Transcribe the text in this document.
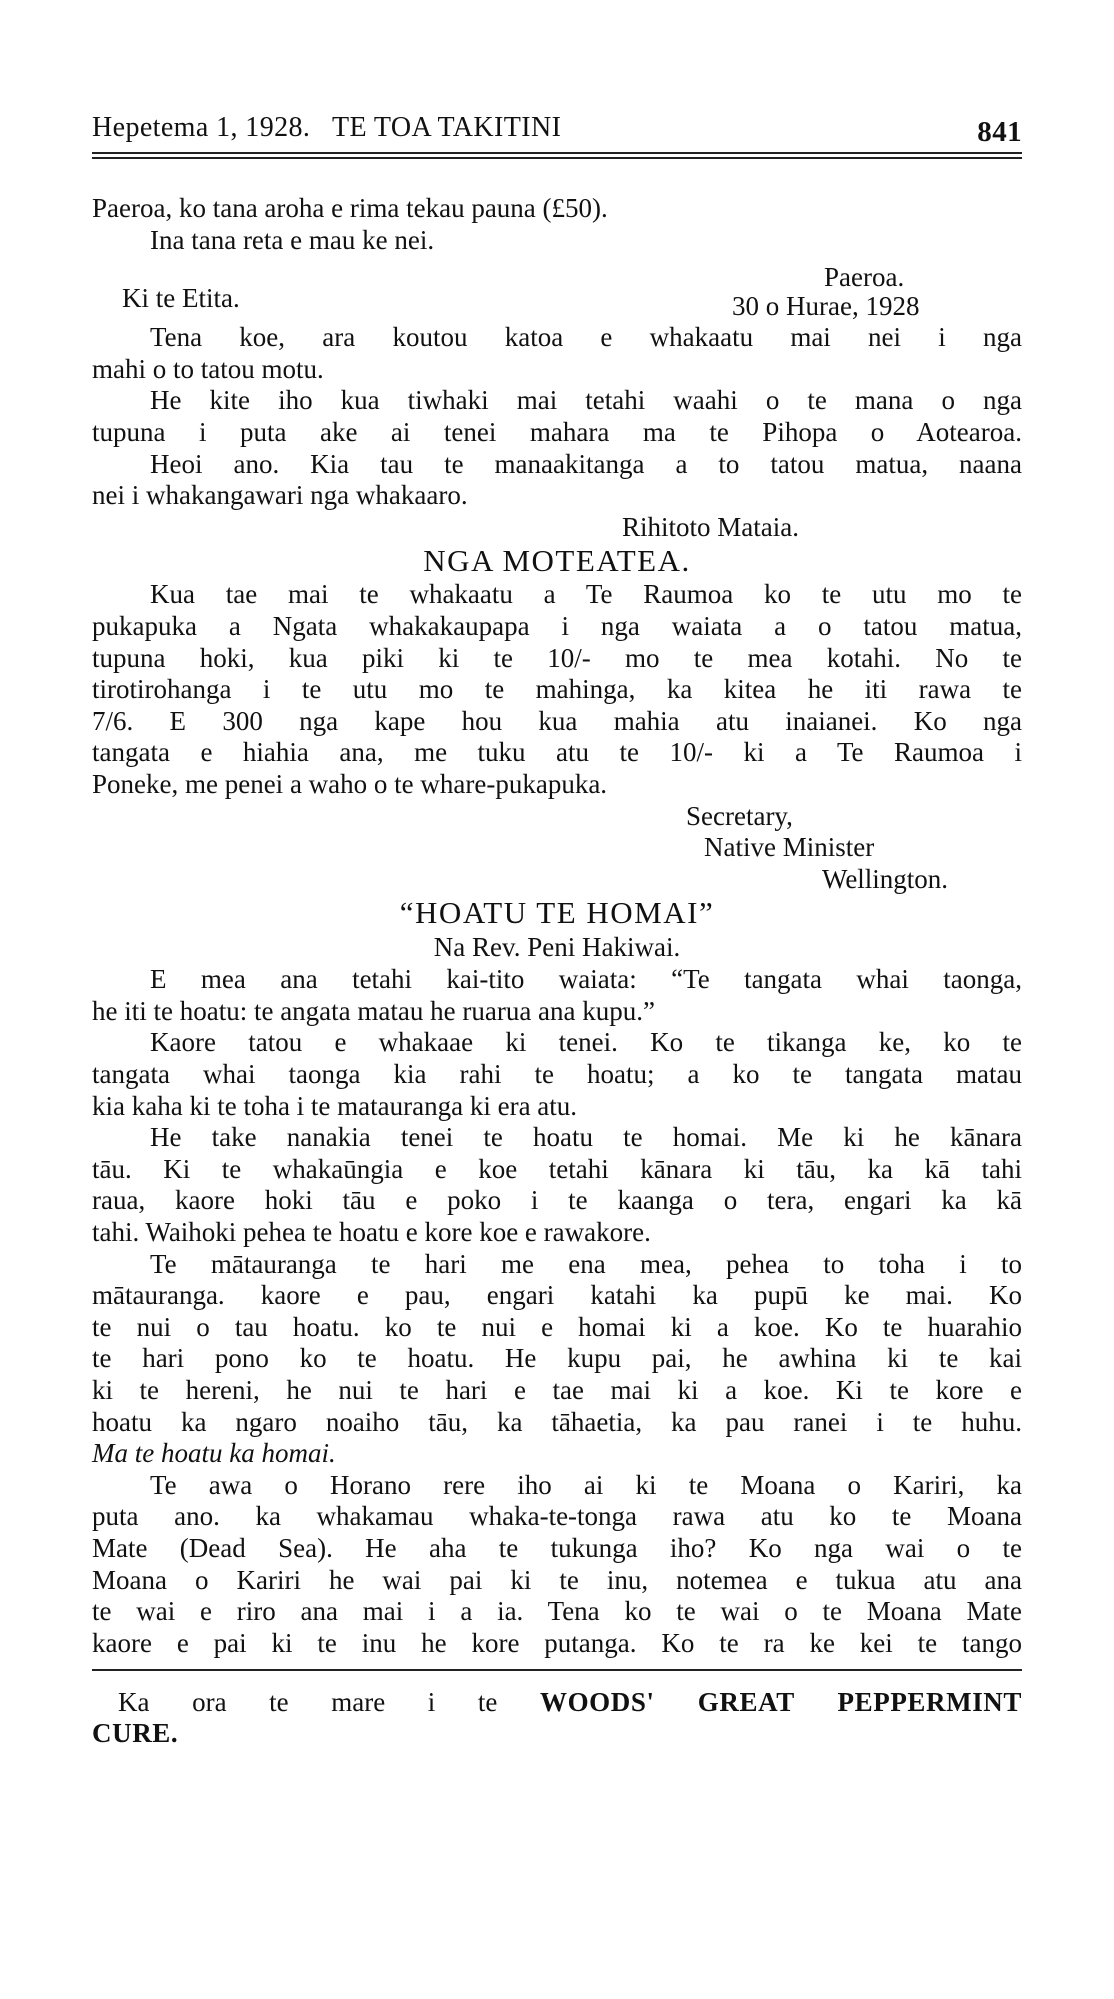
Hepetema 1, 1928. TE TOA TAKITINI	841
Paeroa, ko tana aroha e rima tekau pauna (£50).
Ina tana reta e mau ke nei.
Paeroa.
Ki te Etita.	30 o Hurae, 1928
Tena koe, ara koutou katoa e whakaatu mai nei i nga
mahi o to tatou motu.
He kite iho kua tiwhaki mai tetahi waahi o te mana o nga
tupuna i puta ake ai tenei mahara ma te Pihopa o Aotearoa.
Heoi ano. Kia tau te manaakitanga a to tatou matua, naana
nei i whakangawari nga whakaaro.
Rihitoto Mataia.
NGA MOTEATEA.
Kua tae mai te whakaatu a Te Raumoa ko te utu mo te
pukapuka a Ngata whakakaupapa i nga waiata a o tatou matua,
tupuna hoki, kua piki ki te 10/- mo te mea kotahi. No te
tirotirohanga i te utu mo te mahinga, ka kitea he iti rawa te
7/6. E 300 nga kape hou kua mahia atu inaianei. Ko nga
tangata e hiahia ana, me tuku atu te 10/- ki a Te Raumoa i
Poneke, me penei a waho o te whare-pukapuka.
Secretary,
Native Minister
Wellington.
“HOATU TE HOMAI”
Na Rev. Peni Hakiwai.
E mea ana tetahi kai-tito waiata: “Te tangata whai taonga,
he iti te hoatu: te angata matau he ruarua ana kupu.”
Kaore tatou e whakaae ki tenei. Ko te tikanga ke, ko te
tangata whai taonga kia rahi te hoatu; a ko te tangata matau
kia kaha ki te toha i te matauranga ki era atu.
He take nanakia tenei te hoatu te homai. Me ki he kānara
tāu. Ki te whakaūngia e koe tetahi kānara ki tāu, ka kā tahi
raua, kaore hoki tāu e poko i te kaanga o tera, engari ka kā
tahi. Waihoki pehea te hoatu e kore koe e rawakore.
Te mātauranga te hari me ena mea, pehea to toha i to
mātauranga. kaore e pau, engari katahi ka pupū ke mai. Ko
te nui o tau hoatu. ko te nui e homai ki a koe. Ko te huarahio
te hari pono ko te hoatu. He kupu pai, he awhina ki te kai
ki te hereni, he nui te hari e tae mai ki a koe. Ki te kore e
hoatu ka ngaro noaiho tāu, ka tāhaetia, ka pau ranei i te huhu.
Ma te hoatu ka homai.
Te awa o Horano rere iho ai ki te Moana o Kariri, ka
puta ano. ka whakamau whaka-te-tonga rawa atu ko te Moana
Mate (Dead Sea). He aha te tukunga iho? Ko nga wai o te
Moana o Kariri he wai pai ki te inu, notemea e tukua atu ana
te wai e riro ana mai i a ia. Tena ko te wai o te Moana Mate
kaore e pai ki te inu he kore putanga. Ko te ra ke kei te tango
Ka ora te mare i te WOODS' GREAT PEPPERMINT
CURE.
